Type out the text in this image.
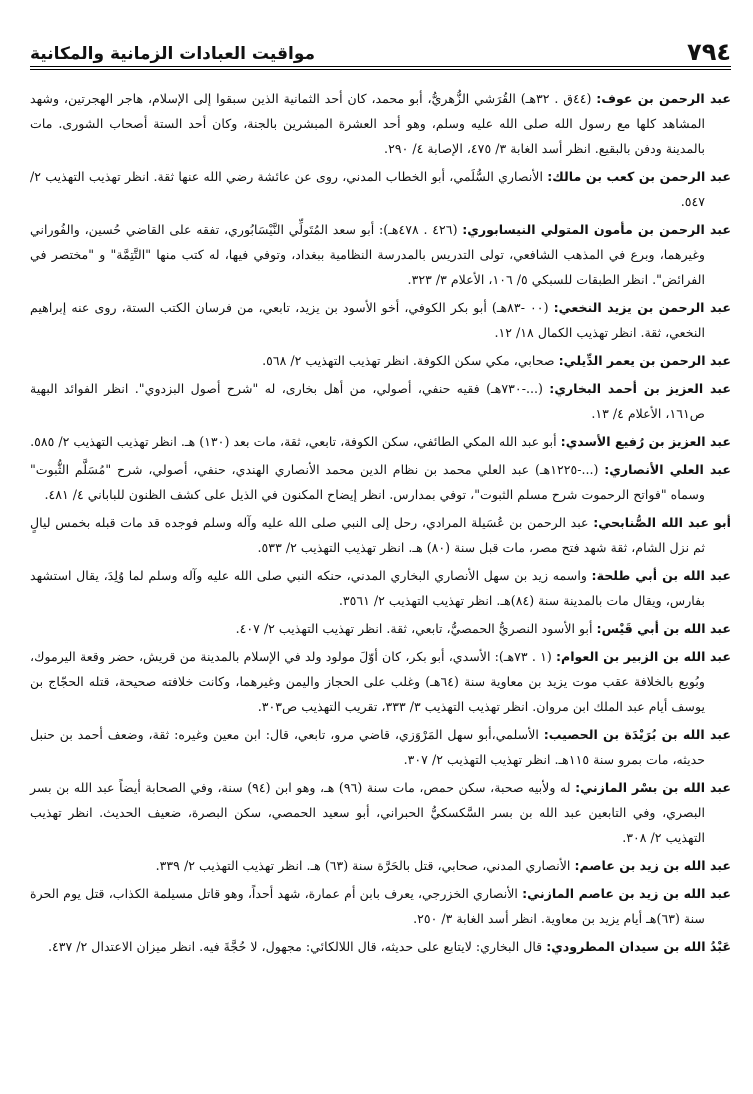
٧٩٤
مواقيت العبادات الزمانية والمكانية

عبد الرحمن بن عوف: (٤٤ق . ٣٢هـ) القُرَشي الزُّهريُّ، أبو محمد، كان أحد الثمانية الذين سبقوا إلى الإسلام، هاجر الهجرتين، وشهد المشاهد كلها مع رسول الله صلى الله عليه وسلم، وهو أحد العشرة المبشرين بالجنة، وكان أحد الستة أصحاب الشورى. مات بالمدينة ودفن بالبقيع. انظر أسد الغابة ٣/ ٤٧٥، الإصابة ٤/ ٢٩٠.

عبد الرحمن بن كعب بن مالك: الأنصاري السُّلَمي، أبو الخطاب المدني، روى عن عائشة رضي الله عنها ثقة. انظر تهذيب التهذيب ٢/ ٥٤٧.

عبد الرحمن بن مأمون المتولي النيسابوري: (٤٢٦ . ٤٧٨هـ): أبو سعد المُتَولِّي النَّيْسَابُوري، تفقه على القاضي حُسين، والفُوراني وغيرهما، وبرع في المذهب الشافعي، تولى التدريس بالمدرسة النظامية ببغداد، وتوفي فيها، له كتب منها "التَّتِمَّة" و "مختصر في الفرائض". انظر الطبقات للسبكي ٥/ ١٠٦، الأعلام ٣/ ٣٢٣.

عبد الرحمن بن يزيد النخعي: (٠٠ -٨٣هـ) أبو بكر الكوفي، أخو الأسود بن يزيد، تابعي، من فرسان الكتب الستة، روى عنه إبراهيم النخعي، ثقة. انظر تهذيب الكمال ١٨/ ١٢.

عبد الرحمن بن يعمر الدِّيلي: صحابي، مكي سكن الكوفة. انظر تهذيب التهذيب ٢/ ٥٦٨.

عبد العزيز بن أحمد البخاري: (...-٧٣٠هـ) فقيه حنفي، أصولي، من أهل بخارى، له "شرح أصول البزدوي". انظر الفوائد البهية ص١٦١، الأعلام ٤/ ١٣.

عبد العزيز بن رُفيع الأسدي: أبو عبد الله المكي الطائفي، سكن الكوفة، تابعي، ثقة، مات بعد (١٣٠) هـ. انظر تهذيب التهذيب ٢/ ٥٨٥.

عبد العلي الأنصاري: (...-١٢٢٥هـ) عبد العلي محمد بن نظام الدين محمد الأنصاري الهندي، حنفي، أصولي، شرح "مُسَلَّم الثُّبوت" وسماه "فواتح الرحموت شرح مسلم الثبوت"، توفي بمدارس. انظر إيضاح المكنون في الذيل على كشف الظنون للباباني ٤/ ٤٨١.

أبو عبد الله الصُّنابحي: عبد الرحمن بن عُسَيلة المرادي، رحل إلى النبي صلى الله عليه وآله وسلم فوجده قد مات قبله بخمس ليالٍ ثم نزل الشام، ثقة شهد فتح مصر، مات قبل سنة (٨٠) هـ. انظر تهذيب التهذيب ٢/ ٥٣٣.

عبد الله بن أبي طلحة: واسمه زيد بن سهل الأنصاري البخاري المدني، حنكه النبي صلى الله عليه وآله وسلم لما وُلِدَ، يقال استشهد بفارس، ويقال مات بالمدينة سنة (٨٤)هـ. انظر تهذيب التهذيب ٢/ ٣٥٦١.

عبد الله بن أبي قَيْس: أبو الأسود النصريُّ الحمصيُّ، تابعي، ثقة. انظر تهذيب التهذيب ٢/ ٤٠٧.

عبد الله بن الزبير بن العوام: (١ . ٧٣هـ): الأسدي، أبو بكر، كان أوّلَ مولود ولد في الإسلام بالمدينة من قريش، حضر وقعة اليرموك، وبُويع بالخلافة عقب موت يزيد بن معاوية سنة (٦٤هـ) وغلب على الحجاز واليمن وغيرهما، وكانت خلافته صحيحة، قتله الحجّاج بن يوسف أيام عبد الملك ابن مروان. انظر تهذيب التهذيب ٣/ ٣٣٣، تقريب التهذيب ص٣٠٣.

عبد الله بن بُرَيْدَة بن الحصيب: الأسلمي،أبو سهل المَرْوَزي، قاضي مرو، تابعي، قال: ابن معين وغيره: ثقة، وضعف أحمد بن حنبل حديثه، مات بمرو سنة ١١٥هـ. انظر تهذيب التهذيب ٢/ ٣٠٧.

عبد الله بن بسْر المازني: له ولأبيه صحبة، سكن حمص، مات سنة (٩٦) هـ، وهو ابن (٩٤) سنة، وفي الصحابة أيضاً عبد الله بن بسر البصري، وفي التابعين عبد الله بن بسر السَّكسكيُّ الحبراني، أبو سعيد الحمصي، سكن البصرة، ضعيف الحديث. انظر تهذيب التهذيب ٢/ ٣٠٨.

عبد الله بن زيد بن عاصم: الأنصاري المدني، صحابي، قتل بالحَرَّة سنة (٦٣) هـ. انظر تهذيب التهذيب ٢/ ٣٣٩.

عبد الله بن زيد بن عاصم المازني: الأنصاري الخزرجي، يعرف بابن أم عمارة، شهد أحداً، وهو قاتل مسيلمة الكذاب، قتل يوم الحرة سنة (٦٣)هـ أيام يزيد بن معاوية. انظر أسد الغابة ٣/ ٢٥٠.

عَبْدُ الله بن سيدان المطرودي: قال البخاري: لايتابع على حديثه، قال اللالكائي: مجهول، لا حُجَّةَ فيه. انظر ميزان الاعتدال ٢/ ٤٣٧.
